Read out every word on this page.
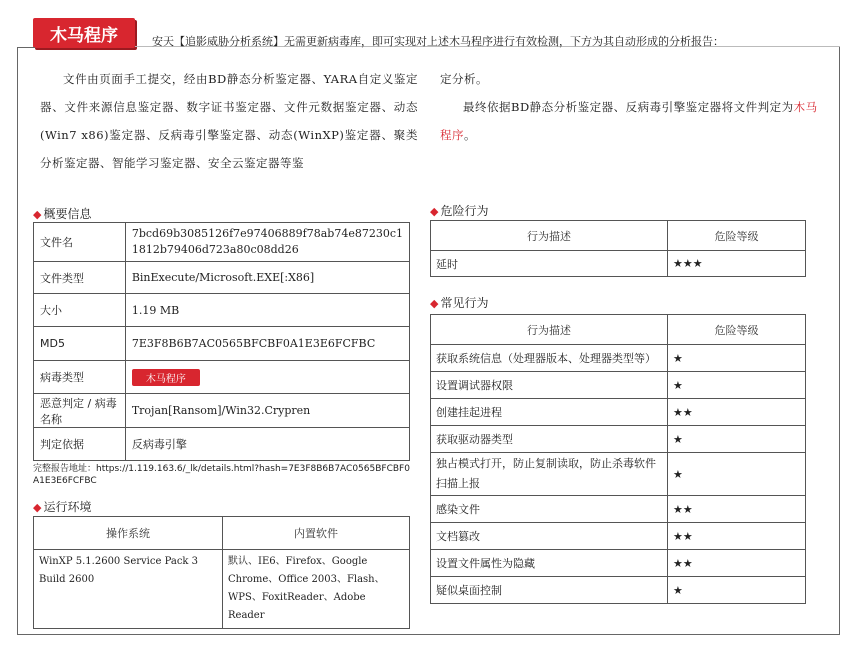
木马程序	安天【追影威胁分析系统】无需更新病毒库，即可实现对上述木马程序进行有效检测，下方为其自动形成的分析报告：
文件由页面手工提交，经由BD静态分析鉴定器、YARA自定义鉴定器、文件来源信息鉴定器、数字证书鉴定器、文件元数据鉴定器、动态(Win7 x86)鉴定器、反病毒引擎鉴定器、动态(WinXP)鉴定器、聚类分析鉴定器、智能学习鉴定器、安全云鉴定器等鉴
定分析。
最终依据BD静态分析鉴定器、反病毒引擎鉴定器将文件判定为木马程序。
◆ 概要信息
文件名	7bcd69b3085126f7e97406889f78ab74e87230c1 1812b79406d723a80c08dd26
文件类型	BinExecute/Microsoft.EXE[:X86]
大小	1.19 MB
MD5	7E3F8B6B7AC0565BFCBF0A1E3E6FCFBC
病毒类型	木马程序
恶意判定 / 病毒名称	Trojan[Ransom]/Win32.Crypren
判定依据	反病毒引擎
完整报告地址：https://1.119.163.6/_lk/details.html?hash=7E3F8B6B7AC0565BFCBF0A1E3E6FCFBC
◆ 运行环境
操作系统	内置软件
WinXP 5.1.2600 Service Pack 3 Build 2600	默认、IE6、Firefox、Google Chrome、Office 2003、Flash、WPS、FoxitReader、Adobe Reader
◆ 危险行为
行为描述	危险等级
延时	★★★
◆ 常见行为
行为描述	危险等级
获取系统信息（处理器版本、处理器类型等）	★
设置调试器权限	★
创建挂起进程	★★
获取驱动器类型	★
独占模式打开，防止复制读取，防止杀毒软件扫描上报	★
感染文件	★★
文档篡改	★★
设置文件属性为隐藏	★★
疑似桌面控制	★
